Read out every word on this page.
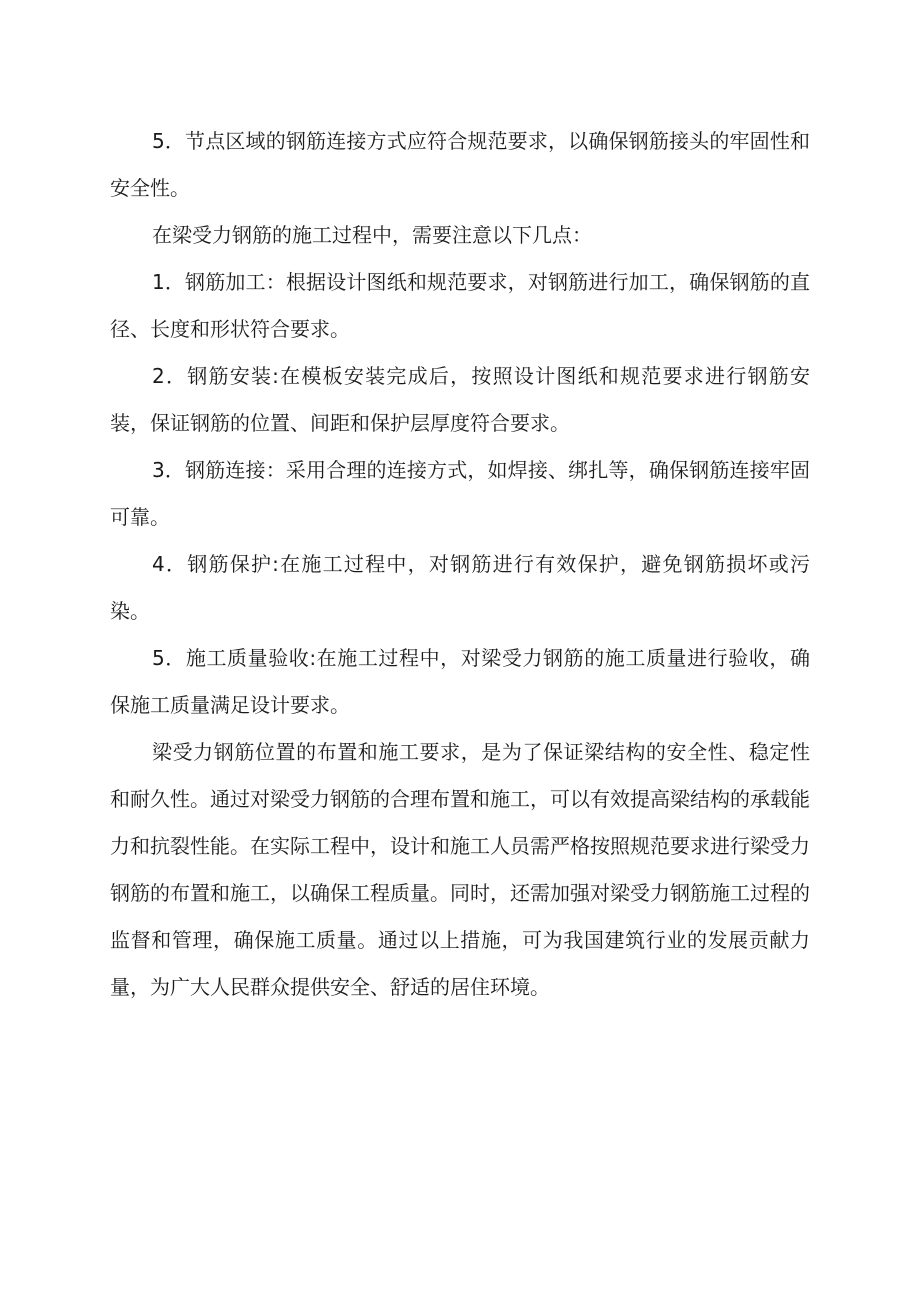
5．节点区域的钢筋连接方式应符合规范要求，以确保钢筋接头的牢固性和安全性。

在梁受力钢筋的施工过程中，需要注意以下几点：

1．钢筋加工：根据设计图纸和规范要求，对钢筋进行加工，确保钢筋的直径、长度和形状符合要求。

2．钢筋安装:在模板安装完成后，按照设计图纸和规范要求进行钢筋安装，保证钢筋的位置、间距和保护层厚度符合要求。

3．钢筋连接：采用合理的连接方式，如焊接、绑扎等，确保钢筋连接牢固可靠。

4．钢筋保护:在施工过程中，对钢筋进行有效保护，避免钢筋损坏或污染。

5．施工质量验收:在施工过程中，对梁受力钢筋的施工质量进行验收，确保施工质量满足设计要求。

梁受力钢筋位置的布置和施工要求，是为了保证梁结构的安全性、稳定性和耐久性。通过对梁受力钢筋的合理布置和施工，可以有效提高梁结构的承载能力和抗裂性能。在实际工程中，设计和施工人员需严格按照规范要求进行梁受力钢筋的布置和施工，以确保工程质量。同时，还需加强对梁受力钢筋施工过程的监督和管理，确保施工质量。通过以上措施，可为我国建筑行业的发展贡献力量，为广大人民群众提供安全、舒适的居住环境。
